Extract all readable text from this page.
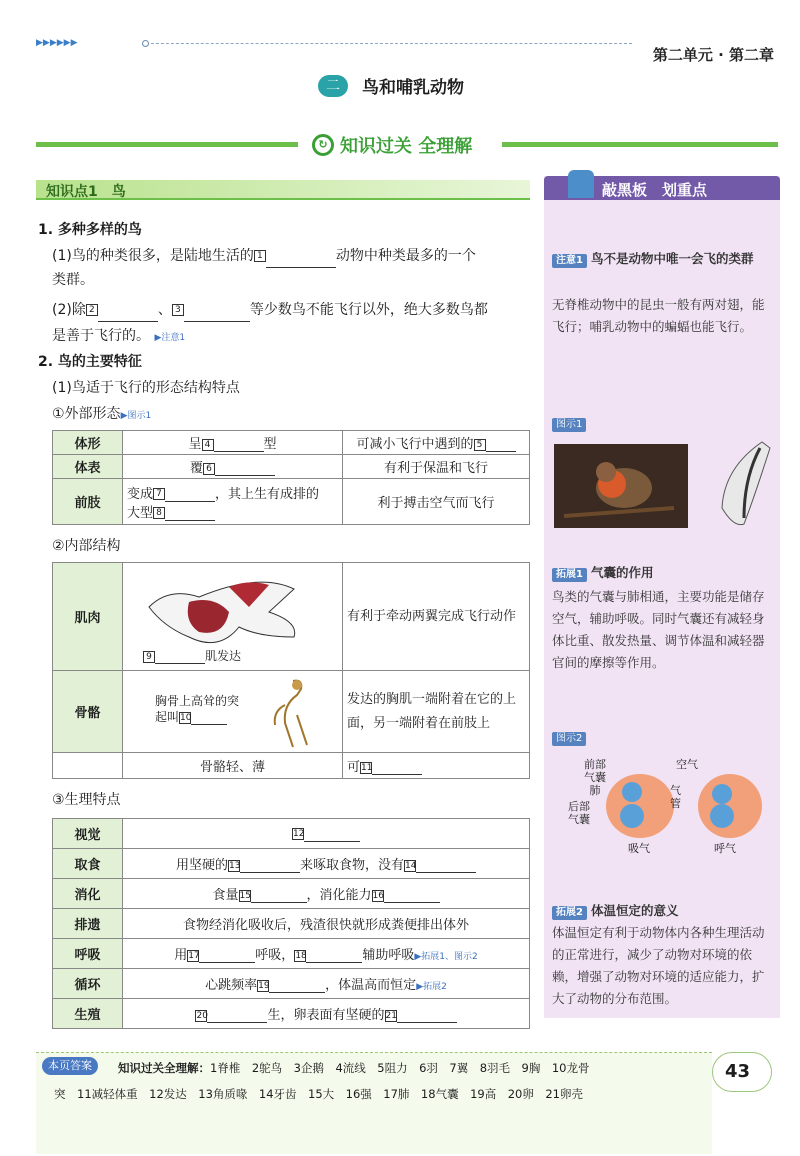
▶▶▶▶▶▶
第二单元 · 第二章
二	鸟和哺乳动物
↻ 知识过关 全理解
知识点1　鸟
1. 多种多样的鸟
(1)鸟的种类很多，是陆地生活的 1	动物中种类最多的一个
类群。
(2)除 2	、 3	等少数鸟不能飞行以外，绝大多数鸟都
是善于飞行的。 ▶注意1
2. 鸟的主要特征
(1)鸟适于飞行的形态结构特点
①外部形态▶图示1
体形	呈 4 型	可减小飞行中遇到的 5
体表	覆 6	有利于保温和飞行
前肢	变成 7 ，其上生有成排的
大型 8	利于搏击空气而飞行
②内部结构
肌肉	9 肌发达	有利于牵动两翼完成飞行动作
骨骼	胸骨上高耸的突
起叫10	发达的胸肌一端附着在它的上面，另一端附着在前肢上
	骨骼轻、薄	可11
③生理特点
视觉	12
取食	用坚硬的13 来啄取食物，没有14
消化	食量15 ，消化能力16
排遗	食物经消化吸收后，残渣很快就形成粪便排出体外
呼吸	用17 呼吸，18 辅助呼吸▶拓展1、图示2
循环	心跳频率19 ，体温高而恒定▶拓展2
生殖	20 生，卵表面有坚硬的21
敲黑板　划重点
注意1 鸟不是动物中唯一会飞的类群
无脊椎动物中的昆虫一般有两对翅，能飞行；哺乳动物中的蝙蝠也能飞行。
图示1
拓展1 气囊的作用
鸟类的气囊与肺相通，主要功能是储存空气，辅助呼吸。同时气囊还有减轻身体比重、散发热量、调节体温和减轻器官间的摩擦等作用。
图示2
前部
气囊
肺
后部
气囊
空气
气
管
吸气	呼气
拓展2 体温恒定的意义
体温恒定有利于动物体内各种生理活动的正常进行，减少了动物对环境的依赖，增强了动物对环境的适应能力，扩大了动物的分布范围。
本页答案	知识过关全理解：1脊椎　2鸵鸟　3企鹅　4流线　5阻力　6羽　7翼　8羽毛　9胸　10龙骨
突　11减轻体重　12发达　13角质喙　14牙齿　15大　16强　17肺　18气囊　19高　20卵　21卵壳
43
